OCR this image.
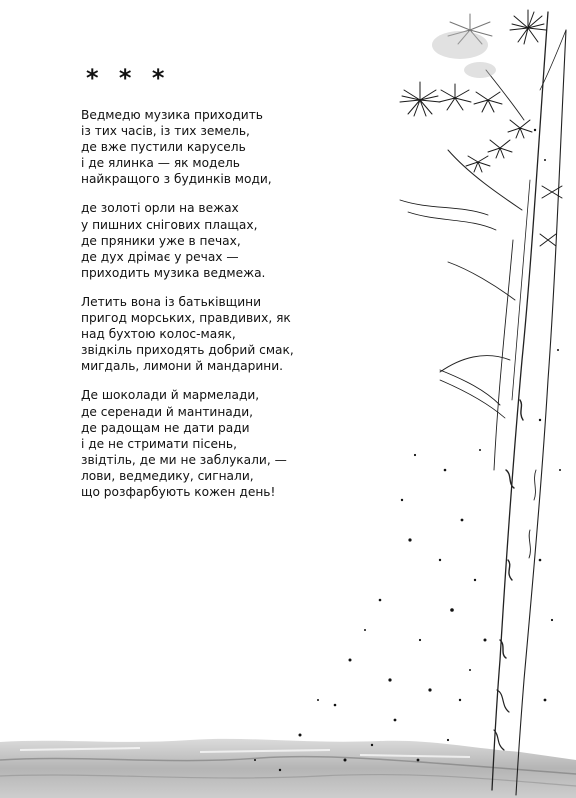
* * *
Ведмедю музика приходить
із тих часів, із тих земель,
де вже пустили карусель
і де ялинка — як модель
найкращого з будинків моди,
де золоті орли на вежах
у пишних снігових плащах,
де пряники уже в печах,
де дух дрімає у речах —
приходить музика ведмежа.
Летить вона із батьківщини
пригод морських, правдивих, як
над бухтою колос-маяк,
звідкіль приходять добрий смак,
мигдаль, лимони й мандарини.
Де шоколади й мармелади,
де серенади й мантинади,
де радощам не дати ради
і де не стримати пісень,
звідтіль, де ми не заблукали, —
лови, ведмедику, сигнали,
що розфарбують кожен день!
